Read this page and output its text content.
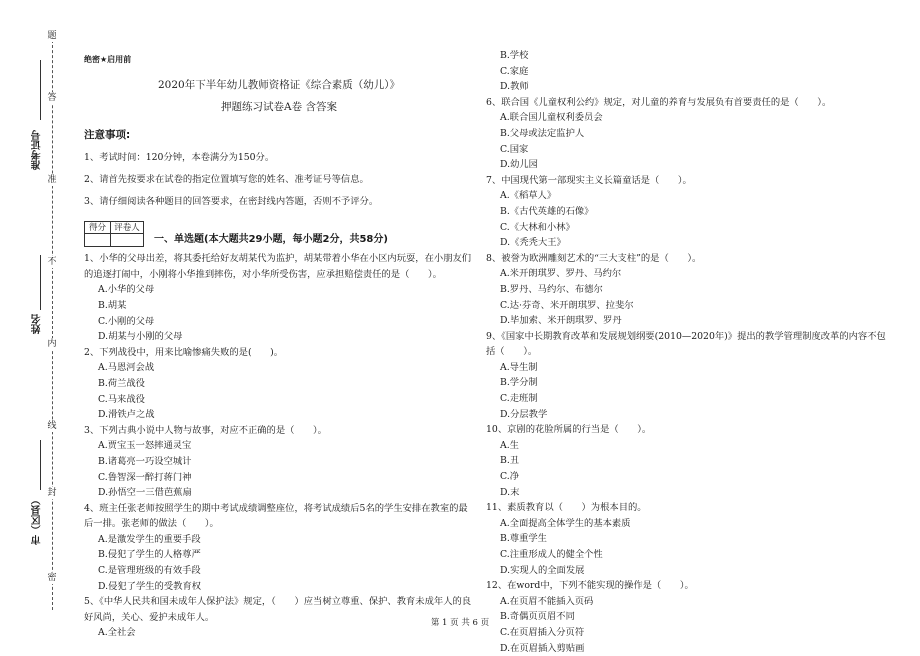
题
答
准
不
内
线
封
密
准考证号
姓名
市（区县）
绝密★启用前
2020年下半年幼儿教师资格证《综合素质（幼儿）》
押题练习试卷A卷 含答案
注意事项:
1、考试时间：120分钟，本卷满分为150分。
2、请首先按要求在试卷的指定位置填写您的姓名、准考证号等信息。
3、请仔细阅读各种题目的回答要求，在密封线内答题，否则不予评分。
得分 评卷人
一、单选题(本大题共29小题，每小题2分，共58分)

1、小华的父母出差，将其委托给好友胡某代为监护，胡某带着小华在小区内玩耍，在小朋友们的追逐打闹中，小刚将小华推到摔伤，对小华所受伤害，应承担赔偿责任的是（　　）。

A.小华的父母

B.胡某

C.小刚的父母

D.胡某与小刚的父母

2、下列战役中，用来比喻惨痛失败的是(　　)。

A.马恩河会战

B.荷兰战役

C.马来战役

D.滑铁卢之战

3、下列古典小说中人物与故事，对应不正确的是（　　）。

A.贾宝玉一怒摔通灵宝

B.诸葛亮一巧设空城计

C.鲁智深一醉打蒋门神

D.孙悟空一三借芭蕉扇

4、班主任张老师按照学生的期中考试成绩调整座位，将考试成绩后5名的学生安排在教室的最后一排。张老师的做法（　　）。

A.是激发学生的重要手段

B.侵犯了学生的人格尊严

C.是管理班级的有效手段

D.侵犯了学生的受教育权

5、《中华人民共和国未成年人保护法》规定，（　　）应当树立尊重、保护、教育未成年人的良好风尚，关心、爱护未成年人。

A.全社会

B.学校

C.家庭

D.教师

6、联合国《儿童权利公约》规定，对儿童的养育与发展负有首要责任的是（　　）。

A.联合国儿童权利委员会

B.父母或法定监护人

C.国家

D.幼儿园

7、中国现代第一部现实主义长篇童话是（　　）。

A.《稻草人》

B.《古代英雄的石像》

C.《大林和小林》

D.《秃秃大王》

8、被誉为欧洲雕刻艺术的“三大支柱”的是（　　）。

A.米开朗琪罗、罗丹、马约尔

B.罗丹、马约尔、布德尔

C.达·芬奇、米开朗琪罗、拉斐尔

D.毕加索、米开朗琪罗、罗丹

9、《国家中长期教育改革和发展规划纲要(2010—2020年)》提出的教学管理制度改革的内容不包括（　　）。

A.导生制

B.学分制

C.走班制

D.分层教学

10、京剧的花脸所属的行当是（　　）。

A.生

B.丑

C.净

D.末

11、素质教育以（　　）为根本目的。

A.全面提高全体学生的基本素质

B.尊重学生

C.注重形成人的健全个性

D.实现人的全面发展

12、在word中，下列不能实现的操作是（　　）。

A.在页眉不能插入页码

B.奇偶页页眉不同

C.在页眉插入分页符

D.在页眉插入剪贴画

第 1 页 共 6 页
